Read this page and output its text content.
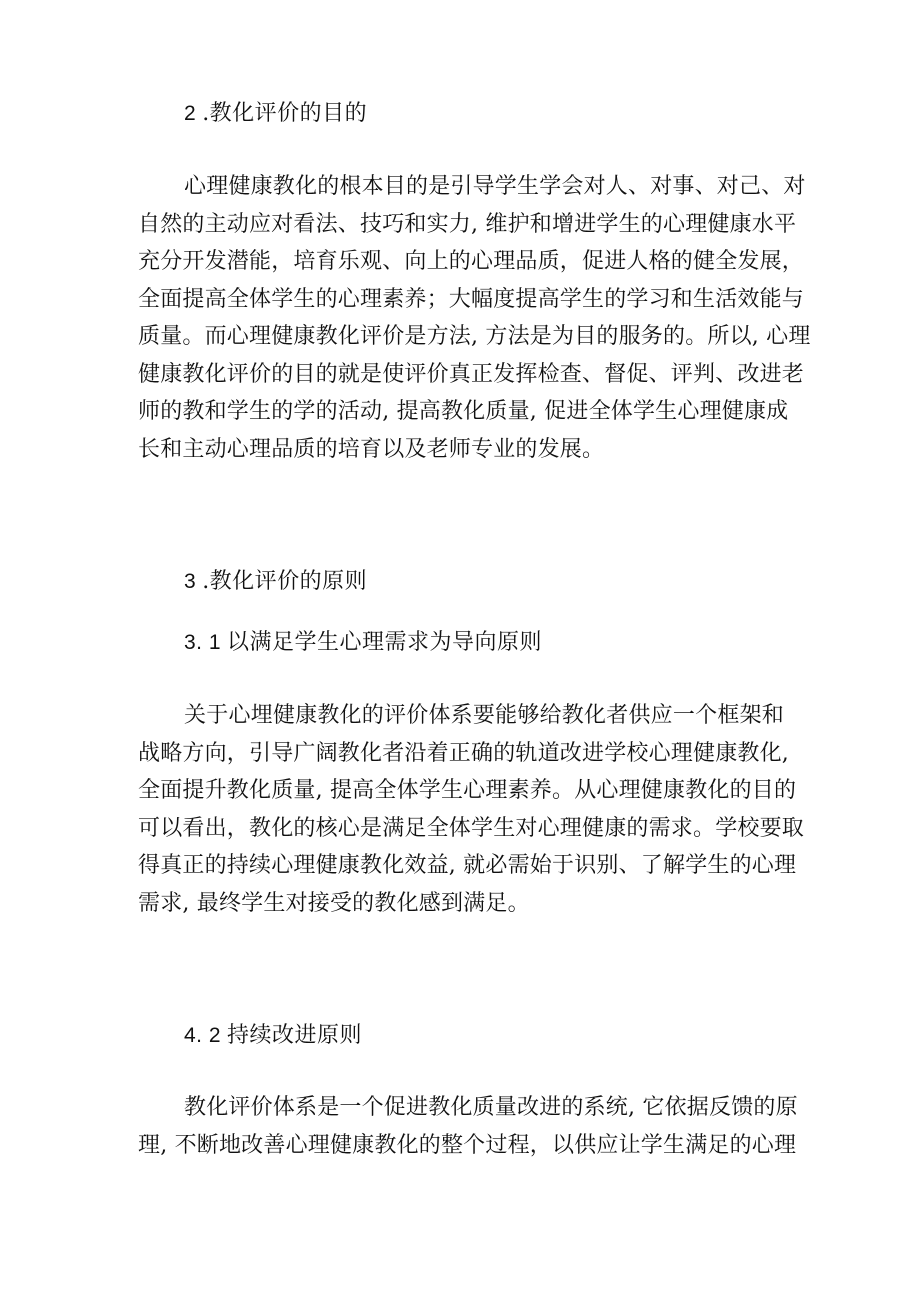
2 .教化评价的目的
心理健康教化的根本目的是引导学生学会对人、对事、对己、对
自然的主动应对看法、技巧和实力, 维护和增进学生的心理健康水平
充分开发潜能，培育乐观、向上的心理品质，促进人格的健全发展，
全面提高全体学生的心理素养；大幅度提高学生的学习和生活效能与
质量。而心理健康教化评价是方法, 方法是为目的服务的。所以, 心理
健康教化评价的目的就是使评价真正发挥检查、督促、评判、改进老
师的教和学生的学的活动, 提高教化质量, 促进全体学生心理健康成
长和主动心理品质的培育以及老师专业的发展。
3 .教化评价的原则
3. 1 以满足学生心理需求为导向原则
关于心埋健康教化的评价体系要能够给教化者供应一个框架和
战略方向，引导广阔教化者沿着正确的轨道改进学校心理健康教化,
全面提升教化质量, 提高全体学生心理素养。从心理健康教化的目的
可以看出，教化的核心是满足全体学生对心理健康的需求。学校要取
得真正的持续心理健康教化效益, 就必需始于识别、了解学生的心理
需求, 最终学生对接受的教化感到满足。
4. 2 持续改进原则
教化评价体系是一个促进教化质量改进的系统, 它依据反馈的原
理, 不断地改善心理健康教化的整个过程，以供应让学生满足的心理
